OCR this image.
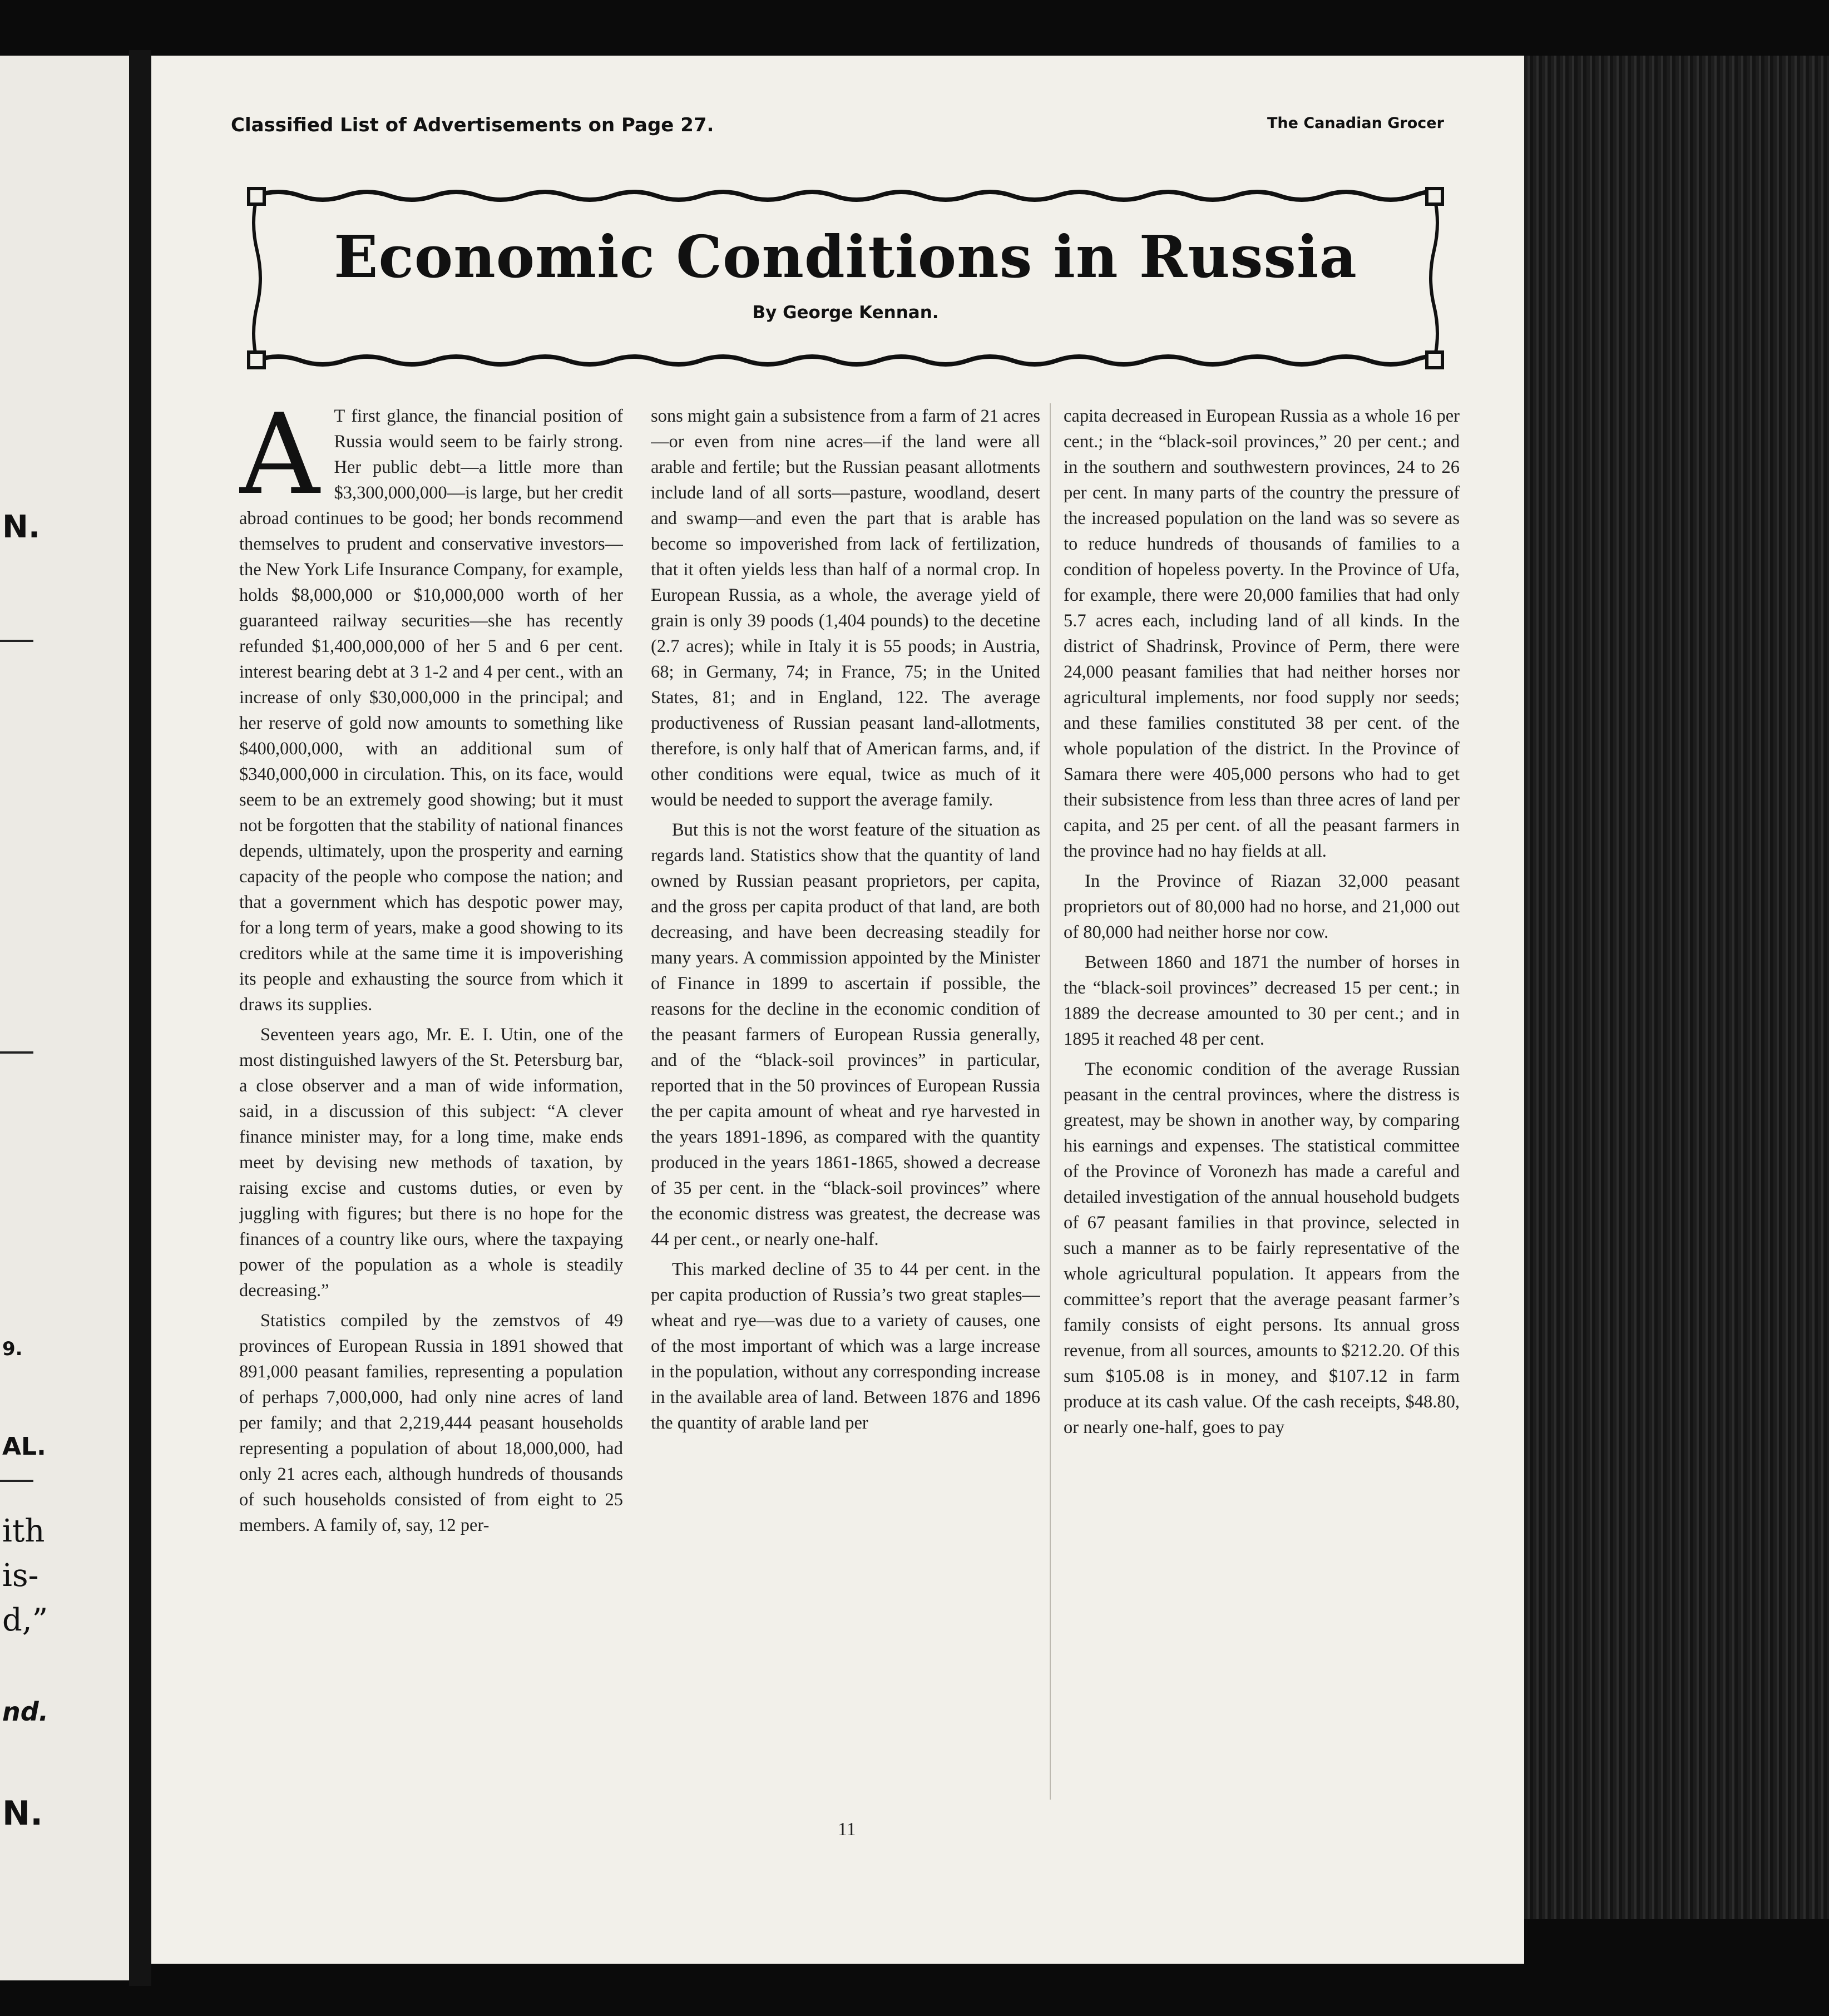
N.
9.
AL.
ith
is-
d,”
nd.
N.
Classified List of Advertisements on Page 27.	The Canadian Grocer
Economic Conditions in Russia
By George Kennan.

A T first glance, the financial position of Russia would seem to be fairly strong. Her public debt—a little more than $3,300,000,000—is large, but her credit abroad continues to be good; her bonds recommend themselves to prudent and conservative investors—the New York Life Insurance Company, for example, holds $8,000,000 or $10,000,000 worth of her guaranteed railway securities—she has recently refunded $1,400,000,000 of her 5 and 6 per cent. interest bearing debt at 3 1-2 and 4 per cent., with an increase of only $30,000,000 in the principal; and her reserve of gold now amounts to something like $400,000,000, with an additional sum of $340,000,000 in circulation. This, on its face, would seem to be an extremely good showing; but it must not be forgotten that the stability of national finances depends, ultimately, upon the prosperity and earning capacity of the people who compose the nation; and that a government which has despotic power may, for a long term of years, make a good showing to its creditors while at the same time it is impoverishing its people and exhausting the source from which it draws its supplies.

Seventeen years ago, Mr. E. I. Utin, one of the most distinguished lawyers of the St. Petersburg bar, a close observer and a man of wide information, said, in a discussion of this subject: “A clever finance minister may, for a long time, make ends meet by devising new methods of taxation, by raising excise and customs duties, or even by juggling with figures; but there is no hope for the finances of a country like ours, where the taxpaying power of the population as a whole is steadily decreasing.”

Statistics compiled by the zemstvos of 49 provinces of European Russia in 1891 showed that 891,000 peasant families, representing a population of perhaps 7,000,000, had only nine acres of land per family; and that 2,219,444 peasant households representing a population of about 18,000,000, had only 21 acres each, although hundreds of thousands of such households consisted of from eight to 25 members. A family of, say, 12 per-

sons might gain a subsistence from a farm of 21 acres—or even from nine acres—if the land were all arable and fertile; but the Russian peasant allotments include land of all sorts—pasture, woodland, desert and swamp—and even the part that is arable has become so impoverished from lack of fertilization, that it often yields less than half of a normal crop. In European Russia, as a whole, the average yield of grain is only 39 poods (1,404 pounds) to the decetine (2.7 acres); while in Italy it is 55 poods; in Austria, 68; in Germany, 74; in France, 75; in the United States, 81; and in England, 122. The average productiveness of Russian peasant land-allotments, therefore, is only half that of American farms, and, if other conditions were equal, twice as much of it would be needed to support the average family.

But this is not the worst feature of the situation as regards land. Statistics show that the quantity of land owned by Russian peasant proprietors, per capita, and the gross per capita product of that land, are both decreasing, and have been decreasing steadily for many years. A commission appointed by the Minister of Finance in 1899 to ascertain if possible, the reasons for the decline in the economic condition of the peasant farmers of European Russia generally, and of the “black-soil provinces” in particular, reported that in the 50 provinces of European Russia the per capita amount of wheat and rye harvested in the years 1891-1896, as compared with the quantity produced in the years 1861-1865, showed a decrease of 35 per cent. in the “black-soil provinces” where the economic distress was greatest, the decrease was 44 per cent., or nearly one-half.

This marked decline of 35 to 44 per cent. in the per capita production of Russia’s two great staples—wheat and rye—was due to a variety of causes, one of the most important of which was a large increase in the population, without any corresponding increase in the available area of land. Between 1876 and 1896 the quantity of arable land per

capita decreased in European Russia as a whole 16 per cent.; in the “black-soil provinces,” 20 per cent.; and in the southern and southwestern provinces, 24 to 26 per cent. In many parts of the country the pressure of the increased population on the land was so severe as to reduce hundreds of thousands of families to a condition of hopeless poverty. In the Province of Ufa, for example, there were 20,000 families that had only 5.7 acres each, including land of all kinds. In the district of Shadrinsk, Province of Perm, there were 24,000 peasant families that had neither horses nor agricultural implements, nor food supply nor seeds; and these families constituted 38 per cent. of the whole population of the district. In the Province of Samara there were 405,000 persons who had to get their subsistence from less than three acres of land per capita, and 25 per cent. of all the peasant farmers in the province had no hay fields at all.

In the Province of Riazan 32,000 peasant proprietors out of 80,000 had no horse, and 21,000 out of 80,000 had neither horse nor cow.

Between 1860 and 1871 the number of horses in the “black-soil provinces” decreased 15 per cent.; in 1889 the decrease amounted to 30 per cent.; and in 1895 it reached 48 per cent.

The economic condition of the average Russian peasant in the central provinces, where the distress is greatest, may be shown in another way, by comparing his earnings and expenses. The statistical committee of the Province of Voronezh has made a careful and detailed investigation of the annual household budgets of 67 peasant families in that province, selected in such a manner as to be fairly representative of the whole agricultural population. It appears from the committee’s report that the average peasant farmer’s family consists of eight persons. Its annual gross revenue, from all sources, amounts to $212.20. Of this sum $105.08 is in money, and $107.12 in farm produce at its cash value. Of the cash receipts, $48.80, or nearly one-half, goes to pay

11
